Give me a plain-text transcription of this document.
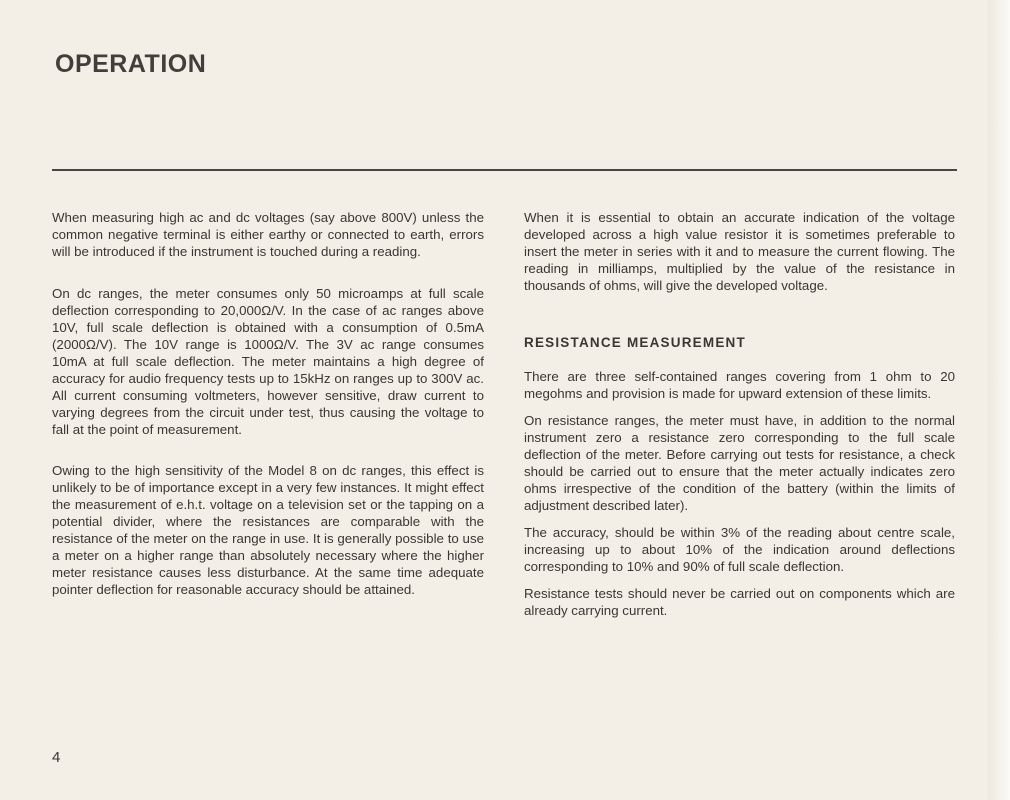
OPERATION

When measuring high ac and dc voltages (say above 800V) unless the common negative terminal is either earthy or connected to earth, errors will be introduced if the instrument is touched during a reading.

On dc ranges, the meter consumes only 50 microamps at full scale deflection corresponding to 20,000Ω/V. In the case of ac ranges above 10V, full scale deflection is obtained with a consumption of 0.5mA (2000Ω/V). The 10V range is 1000Ω/V. The 3V ac range consumes 10mA at full scale deflection. The meter maintains a high degree of accuracy for audio frequency tests up to 15kHz on ranges up to 300V ac. All current consuming voltmeters, however sensitive, draw current to varying degrees from the circuit under test, thus causing the voltage to fall at the point of measurement.

Owing to the high sensitivity of the Model 8 on dc ranges, this effect is unlikely to be of importance except in a very few instances. It might effect the measurement of e.h.t. voltage on a television set or the tapping on a potential divider, where the resistances are comparable with the resistance of the meter on the range in use. It is generally possible to use a meter on a higher range than absolutely necessary where the higher meter resistance causes less disturbance. At the same time adequate pointer deflection for reasonable accuracy should be attained.

When it is essential to obtain an accurate indication of the voltage developed across a high value resistor it is sometimes preferable to insert the meter in series with it and to measure the current flowing. The reading in milliamps, multiplied by the value of the resistance in thousands of ohms, will give the developed voltage.

RESISTANCE MEASUREMENT

There are three self-contained ranges covering from 1 ohm to 20 megohms and provision is made for upward extension of these limits.

On resistance ranges, the meter must have, in addition to the normal instrument zero a resistance zero corresponding to the full scale deflection of the meter. Before carrying out tests for resistance, a check should be carried out to ensure that the meter actually indicates zero ohms irrespective of the condition of the battery (within the limits of adjustment described later).

The accuracy, should be within 3% of the reading about centre scale, increasing up to about 10% of the indication around deflections corresponding to 10% and 90% of full scale deflection.

Resistance tests should never be carried out on components which are already carrying current.

4
